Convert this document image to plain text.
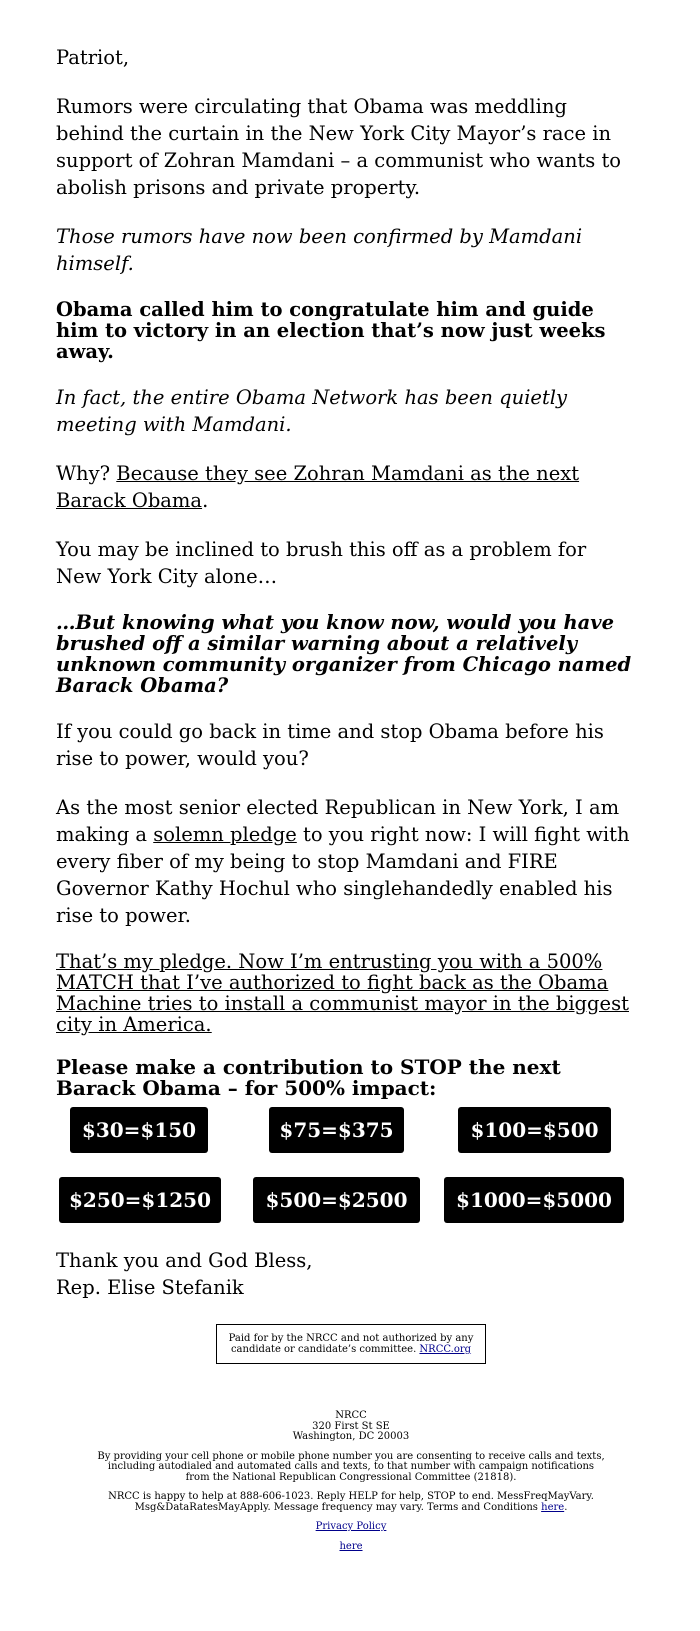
Patriot,

Rumors were circulating that Obama was meddling behind the curtain in the New York City Mayor’s race in support of Zohran Mamdani – a communist who wants to abolish prisons and private property.

Those rumors have now been confirmed by Mamdani himself.

Obama called him to congratulate him and guide him to victory in an election that’s now just weeks away.

In fact, the entire Obama Network has been quietly meeting with Mamdani.

Why? Because they see Zohran Mamdani as the next Barack Obama.

You may be inclined to brush this off as a problem for New York City alone…

…But knowing what you know now, would you have brushed off a similar warning about a relatively unknown community organizer from Chicago named Barack Obama?

If you could go back in time and stop Obama before his rise to power, would you?

As the most senior elected Republican in New York, I am making a solemn pledge to you right now: I will fight with every fiber of my being to stop Mamdani and FIRE Governor Kathy Hochul who singlehandedly enabled his rise to power.

That’s my pledge. Now I’m entrusting you with a 500% MATCH that I’ve authorized to fight back as the Obama Machine tries to install a communist mayor in the biggest city in America.

Please make a contribution to STOP the next Barack Obama – for 500% impact:

$30=$150	$75=$375	$100=$500
$250=$1250	$500=$2500	$1000=$5000

Thank you and God Bless,

Rep. Elise Stefanik

Paid for by the NRCC and not authorized by any candidate or candidate’s committee. NRCC.org
NRCC
320 First St SE
Washington, DC 20003
By providing your cell phone or mobile phone number you are consenting to receive calls and texts, including autodialed and automated calls and texts, to that number with campaign notifications from the National Republican Congressional Committee (21818).
NRCC is happy to help at 888-606-1023. Reply HELP for help, STOP to end. MessFreqMayVary. Msg&DataRatesMayApply. Message frequency may vary. Terms and Conditions here.
Privacy Policy
here
